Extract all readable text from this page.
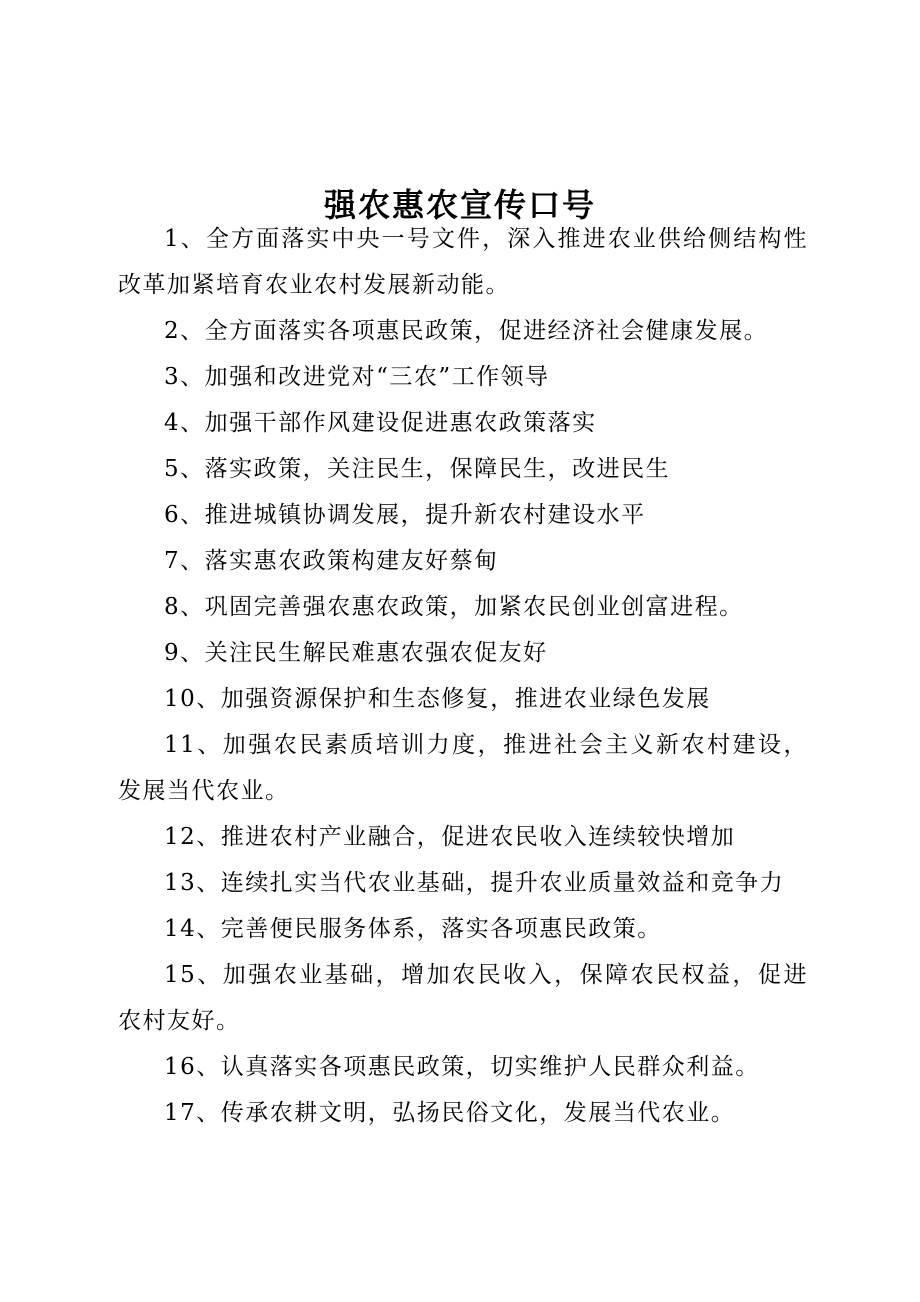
强农惠农宣传口号

1、全方面落实中央一号文件，深入推进农业供给侧结构性改革加紧培育农业农村发展新动能。

2、全方面落实各项惠民政策，促进经济社会健康发展。

3、加强和改进党对“三农”工作领导

4、加强干部作风建设促进惠农政策落实

5、落实政策，关注民生，保障民生，改进民生

6、推进城镇协调发展，提升新农村建设水平

7、落实惠农政策构建友好蔡甸

8、巩固完善强农惠农政策，加紧农民创业创富进程。

9、关注民生解民难惠农强农促友好

10、加强资源保护和生态修复，推进农业绿色发展

11、加强农民素质培训力度，推进社会主义新农村建设，发展当代农业。

12、推进农村产业融合，促进农民收入连续较快增加

13、连续扎实当代农业基础，提升农业质量效益和竞争力

14、完善便民服务体系，落实各项惠民政策。

15、加强农业基础，增加农民收入，保障农民权益，促进农村友好。

16、认真落实各项惠民政策，切实维护人民群众利益。

17、传承农耕文明，弘扬民俗文化，发展当代农业。
